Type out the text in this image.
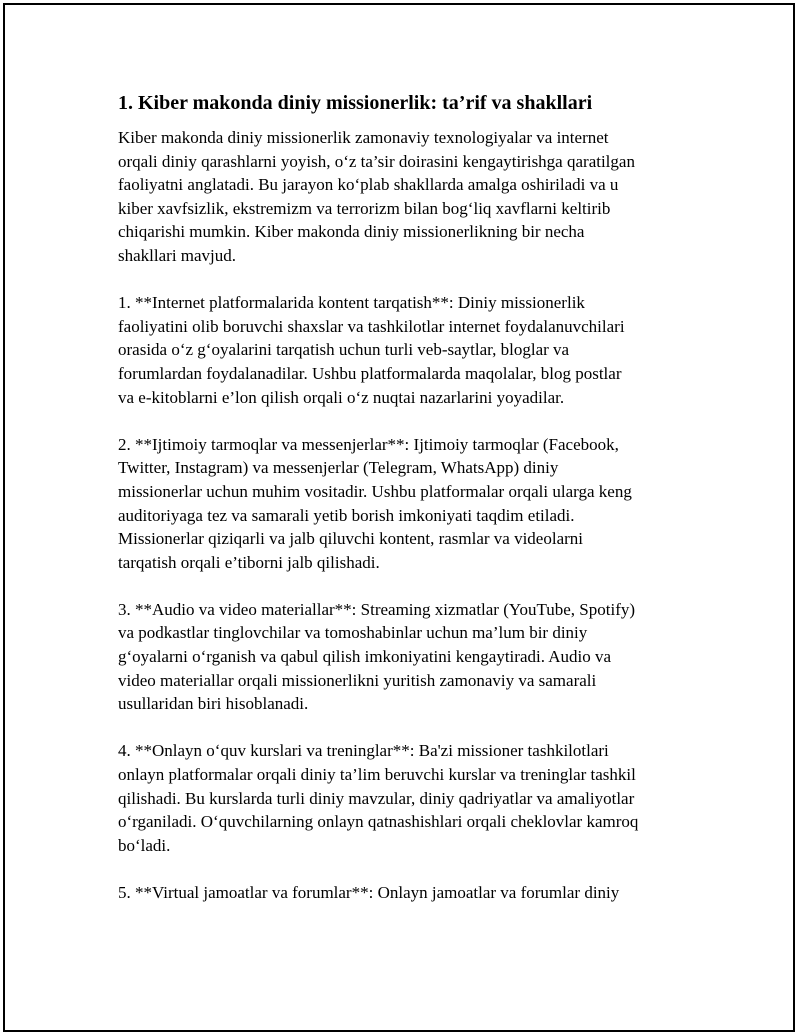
1. Kiber makonda diniy missionerlik: ta’rif va shakllari

Kiber makonda diniy missionerlik zamonaviy texnologiyalar va internet
orqali diniy qarashlarni yoyish, o‘z ta’sir doirasini kengaytirishga qaratilgan
faoliyatni anglatadi. Bu jarayon ko‘plab shakllarda amalga oshiriladi va u
kiber xavfsizlik, ekstremizm va terrorizm bilan bog‘liq xavflarni keltirib
chiqarishi mumkin. Kiber makonda diniy missionerlikning bir necha
shakllari mavjud.

1. **Internet platformalarida kontent tarqatish**: Diniy missionerlik
faoliyatini olib boruvchi shaxslar va tashkilotlar internet foydalanuvchilari
orasida o‘z g‘oyalarini tarqatish uchun turli veb-saytlar, bloglar va
forumlardan foydalanadilar. Ushbu platformalarda maqolalar, blog postlar
va e-kitoblarni e’lon qilish orqali o‘z nuqtai nazarlarini yoyadilar.

2. **Ijtimoiy tarmoqlar va messenjerlar**: Ijtimoiy tarmoqlar (Facebook,
Twitter, Instagram) va messenjerlar (Telegram, WhatsApp) diniy
missionerlar uchun muhim vositadir. Ushbu platformalar orqali ularga keng
auditoriyaga tez va samarali yetib borish imkoniyati taqdim etiladi.
Missionerlar qiziqarli va jalb qiluvchi kontent, rasmlar va videolarni
tarqatish orqali e’tiborni jalb qilishadi.

3. **Audio va video materiallar**: Streaming xizmatlar (YouTube, Spotify)
va podkastlar tinglovchilar va tomoshabinlar uchun ma’lum bir diniy
g‘oyalarni o‘rganish va qabul qilish imkoniyatini kengaytiradi. Audio va
video materiallar orqali missionerlikni yuritish zamonaviy va samarali
usullaridan biri hisoblanadi.

4. **Onlayn o‘quv kurslari va treninglar**: Ba'zi missioner tashkilotlari
onlayn platformalar orqali diniy ta’lim beruvchi kurslar va treninglar tashkil
qilishadi. Bu kurslarda turli diniy mavzular, diniy qadriyatlar va amaliyotlar
o‘rganiladi. O‘quvchilarning onlayn qatnashishlari orqali cheklovlar kamroq
bo‘ladi.

5. **Virtual jamoatlar va forumlar**: Onlayn jamoatlar va forumlar diniy
